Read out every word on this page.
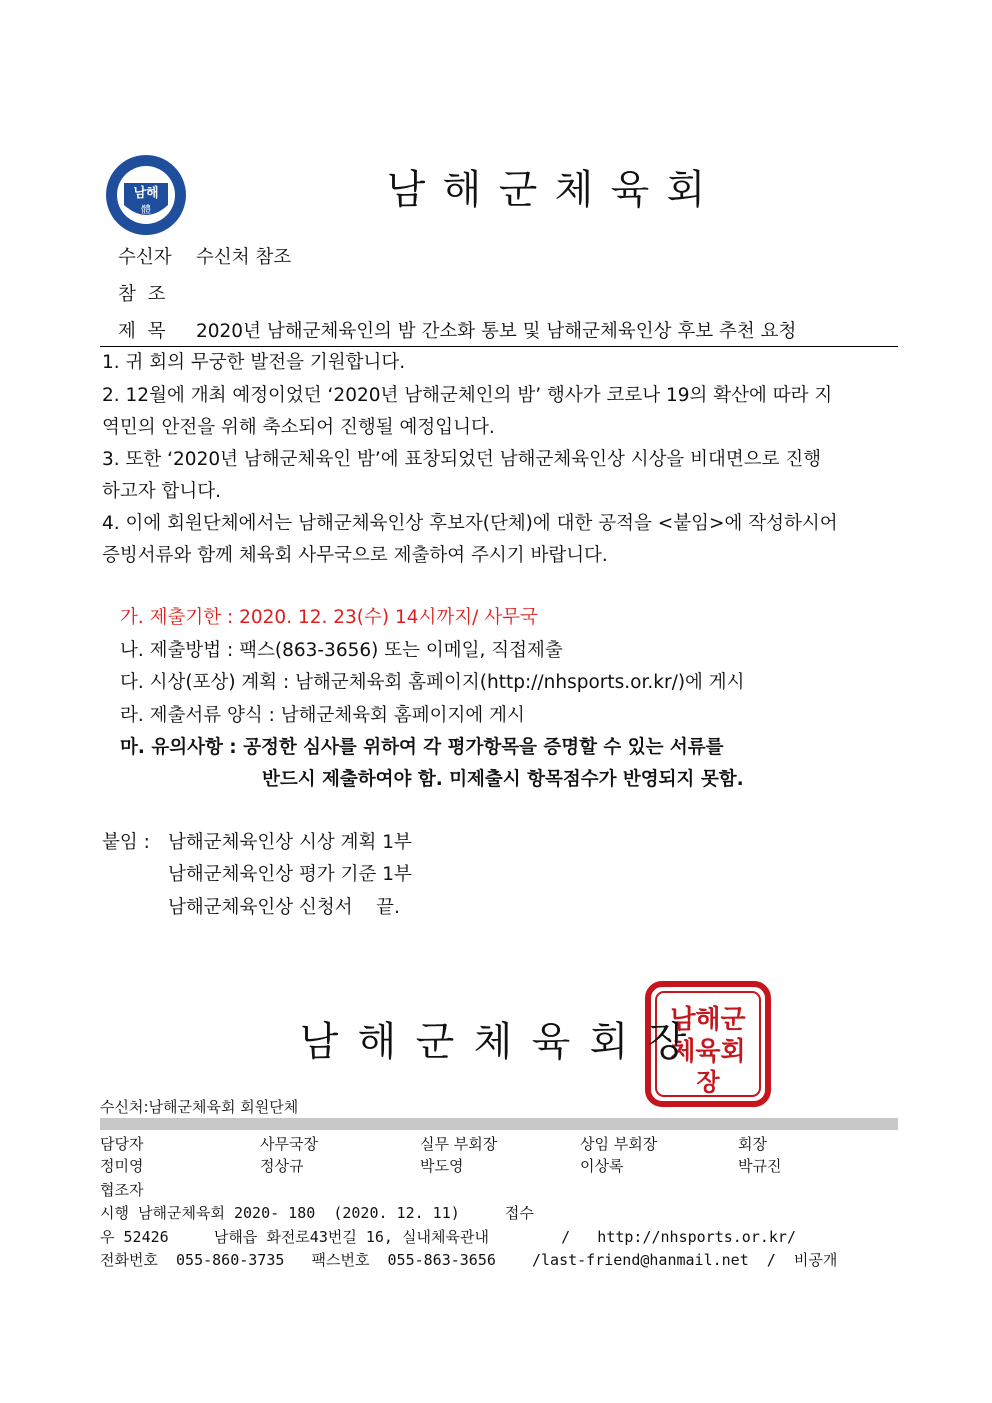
남해
體	남 해 군 체 육 회
수신자 수신처 참조
참  조
제  목 2020년 남해군체육인의 밤 간소화 통보 및 남해군체육인상 후보 추천 요청
1. 귀 회의 무궁한 발전을 기원합니다.
2. 12월에 개최 예정이었던 ‘2020년 남해군체인의 밤’ 행사가 코로나 19의 확산에 따라 지
역민의 안전을 위해 축소되어 진행될 예정입니다.
3. 또한 ‘2020년 남해군체육인 밤’에 표창되었던 남해군체육인상 시상을 비대면으로 진행
하고자 합니다.
4. 이에 회원단체에서는 남해군체육인상 후보자(단체)에 대한 공적을 <붙임>에 작성하시어
증빙서류와 함께 체육회 사무국으로 제출하여 주시기 바랍니다.
가. 제출기한 : 2020. 12. 23(수) 14시까지/ 사무국
나. 제출방법 : 팩스(863-3656) 또는 이메일, 직접제출
다. 시상(포상) 계획 : 남해군체육회 홈페이지(http://nhsports.or.kr/)에 게시
라. 제출서류 양식 : 남해군체육회 홈페이지에 게시
마. 유의사항 : 공정한 심사를 위하여 각 평가항목을 증명할 수 있는 서류를
반드시 제출하여야 함. 미제출시 항목점수가 반영되지 못함.
붙임 : 남해군체육인상 시상 계획 1부
남해군체육인상 평가 기준 1부
남해군체육인상 신청서    끝.
남해군
체육회
장
남 해 군 체 육 회 장
수신처:남해군체육회 회원단체
담당자	사무국장	실무 부회장	상임 부회장	회장
정미영	정상규	박도영	이상록	박규진
협조자
시행 남해군체육회 2020- 180  (2020. 12. 11)     접수
우 52426     남해읍 화전로43번길 16, 실내체육관내        /   http://nhsports.or.kr/
전화번호  055-860-3735   팩스번호  055-863-3656    /last-friend@hanmail.net  /  비공개
